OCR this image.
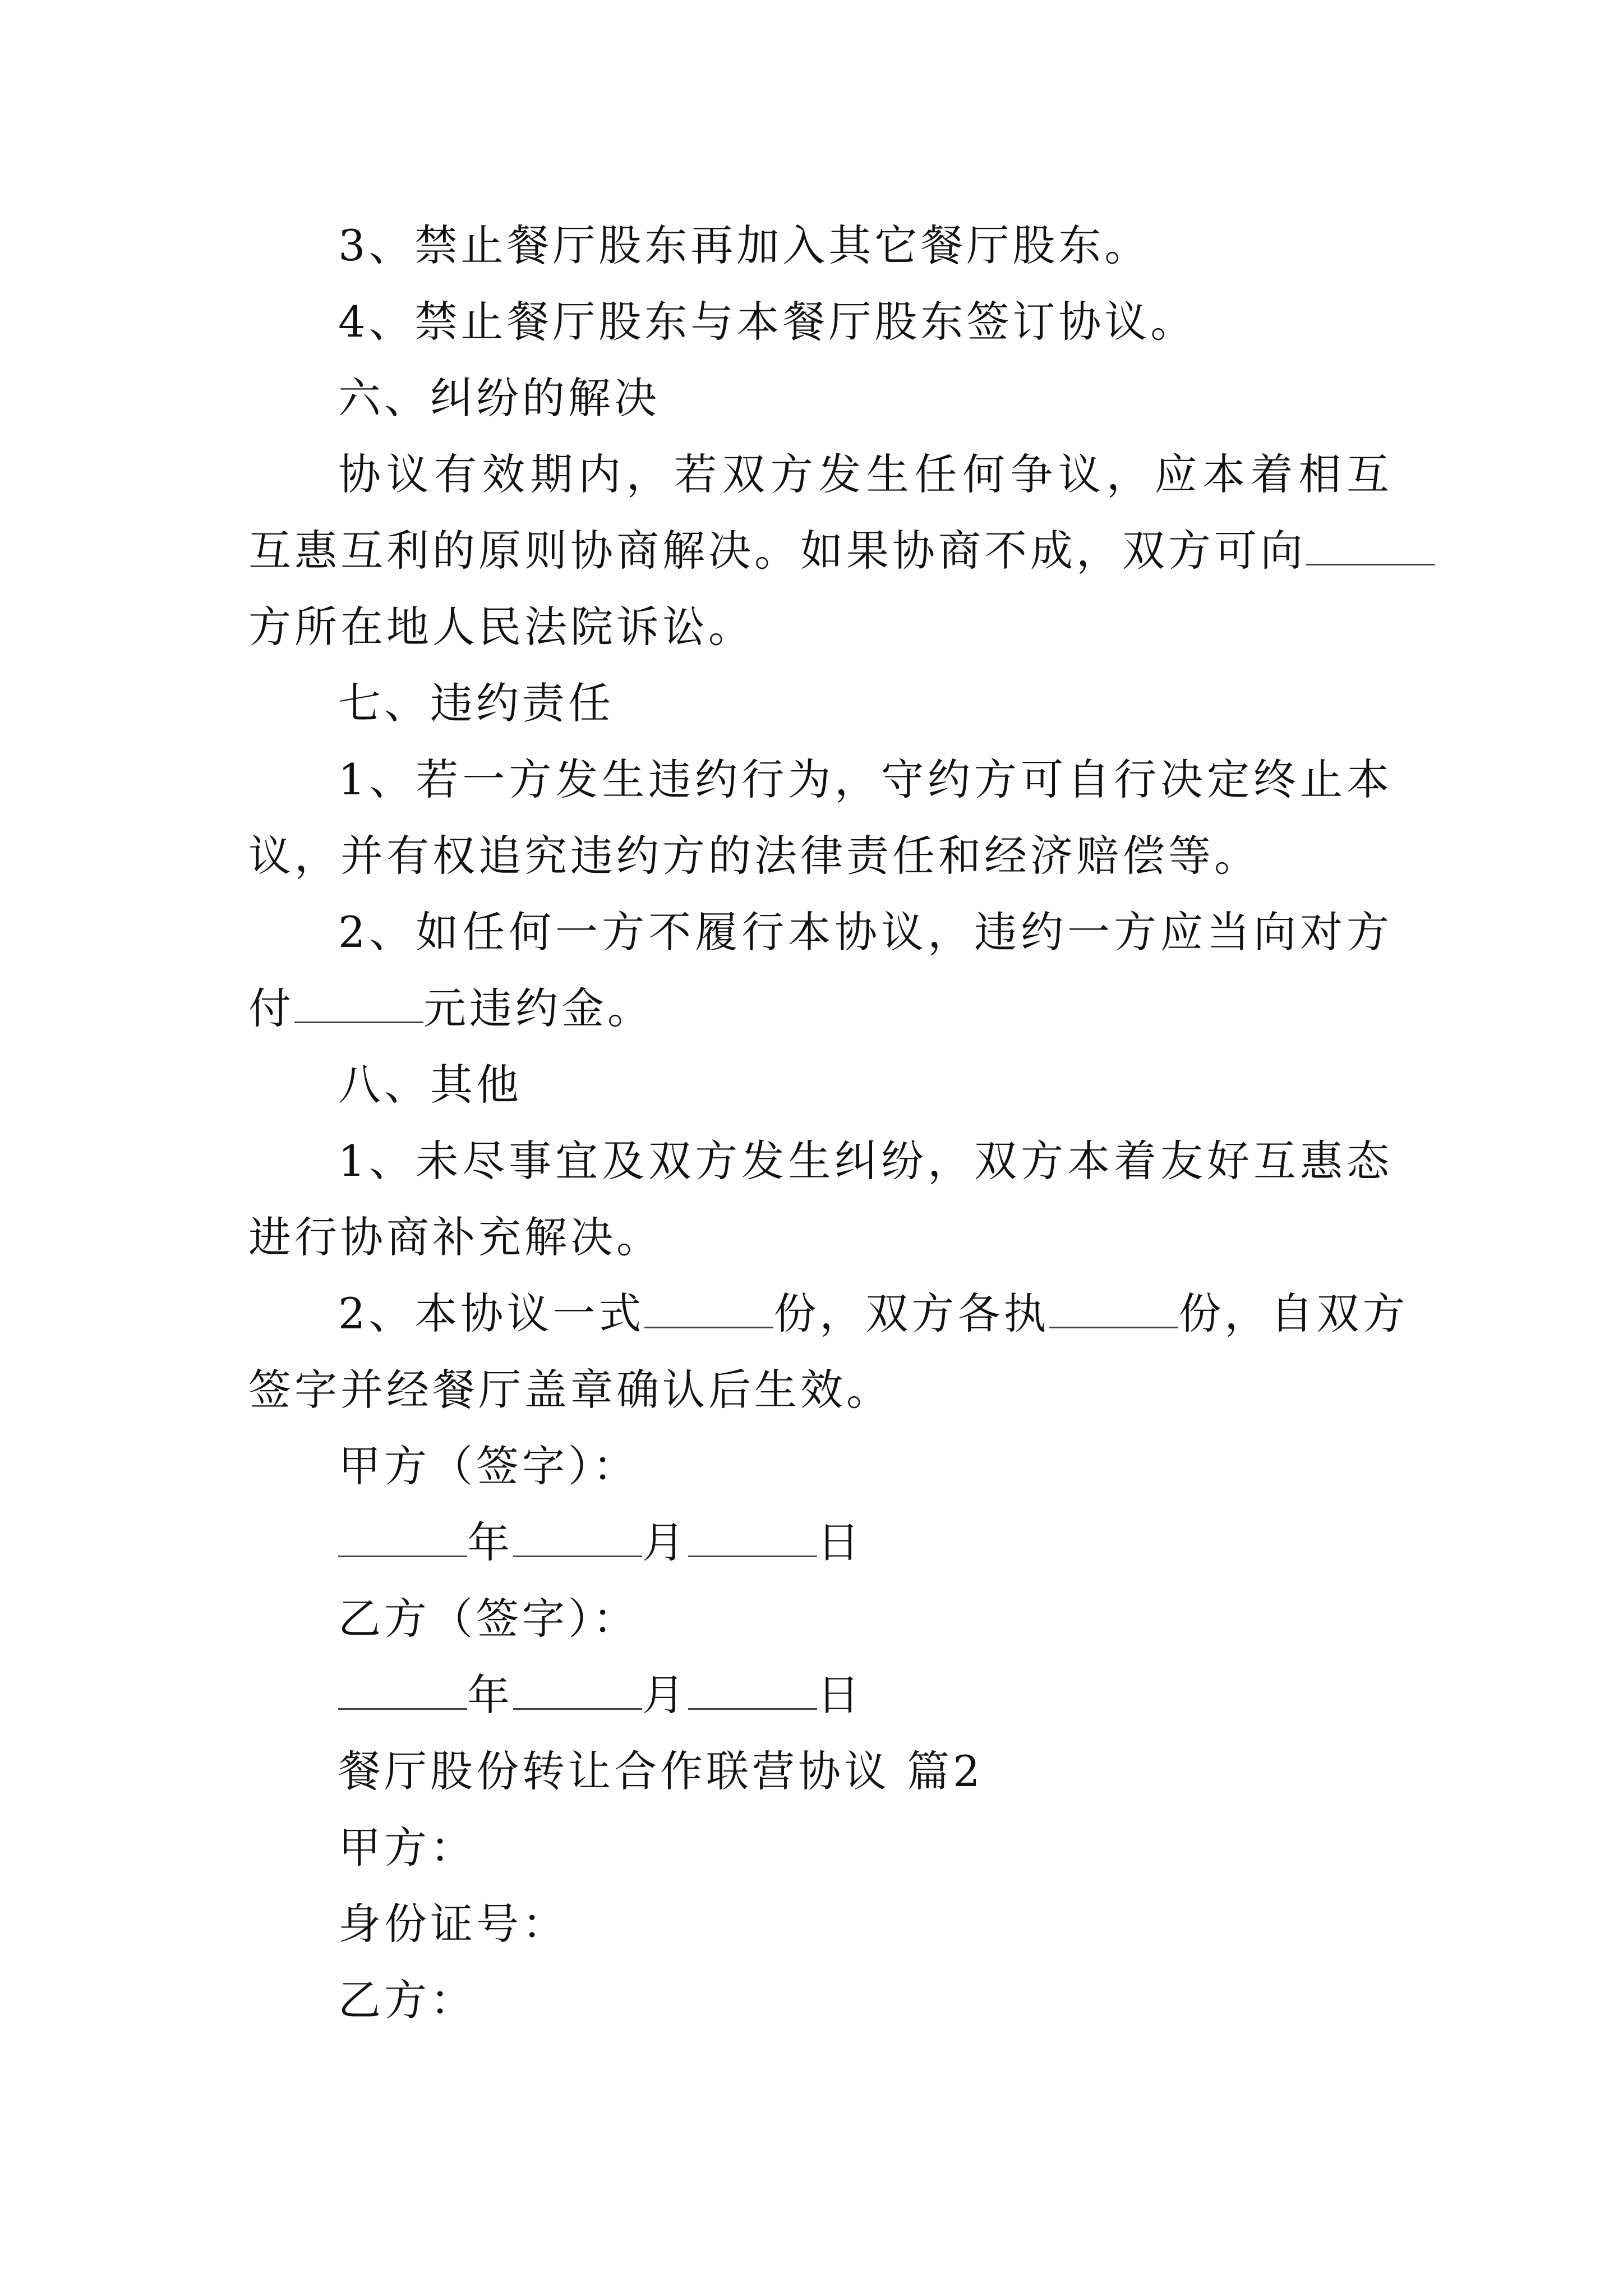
3、禁止餐厅股东再加入其它餐厅股东。
4、禁止餐厅股东与本餐厅股东签订协议。
六、纠纷的解决
协议有效期内，若双方发生任何争议，应本着相互
互惠互利的原则协商解决。如果协商不成，双方可向
方所在地人民法院诉讼。
七、违约责任
1、若一方发生违约行为，守约方可自行决定终止本
议，并有权追究违约方的法律责任和经济赔偿等。
2、如任何一方不履行本协议，违约一方应当向对方
付	元违约金。
八、其他
1、未尽事宜及双方发生纠纷，双方本着友好互惠态
进行协商补充解决。
2、本协议一式	份，双方各执	份，自双方
签字并经餐厅盖章确认后生效。
甲方（签字）：
年	月	日
乙方（签字）：
年	月	日
餐厅股份转让合作联营协议 篇2
甲方：
身份证号：
乙方：
